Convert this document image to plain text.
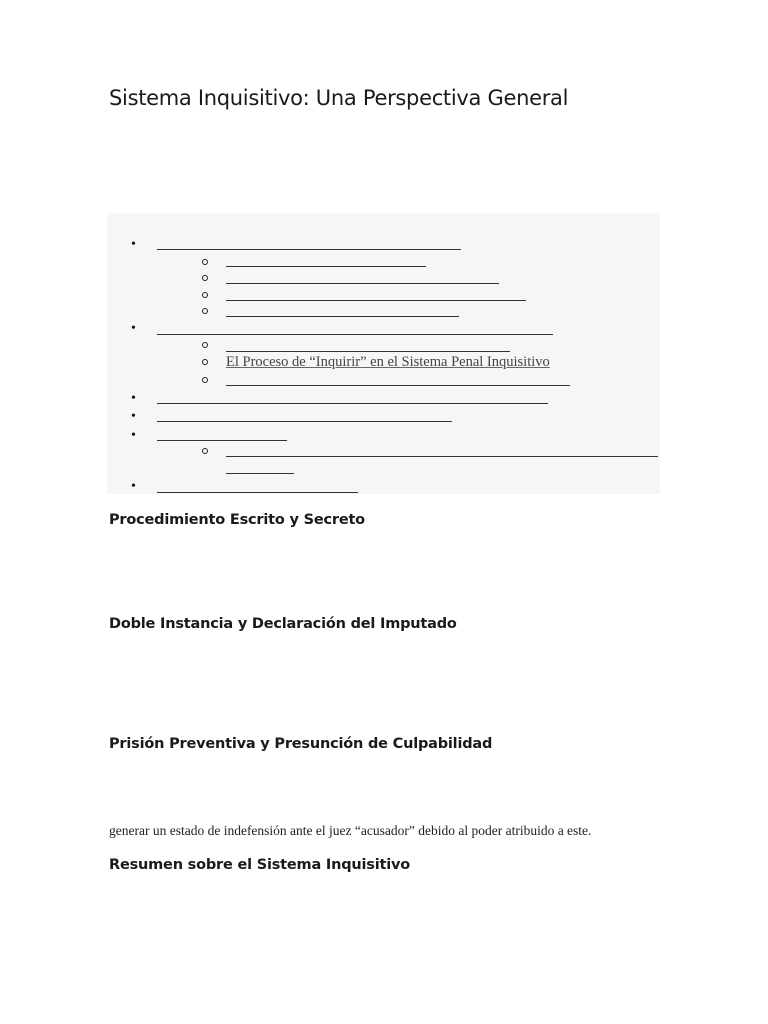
Sistema Inquisitivo: Una Perspectiva General
•
•
El Proceso de “Inquirir” en el Sistema Penal Inquisitivo
•
•
•
•
Procedimiento Escrito y Secreto
Doble Instancia y Declaración del Imputado
Prisión Preventiva y Presunción de Culpabilidad

generar un estado de indefensión ante el juez “acusador” debido al poder atribuido a este.

Resumen sobre el Sistema Inquisitivo
